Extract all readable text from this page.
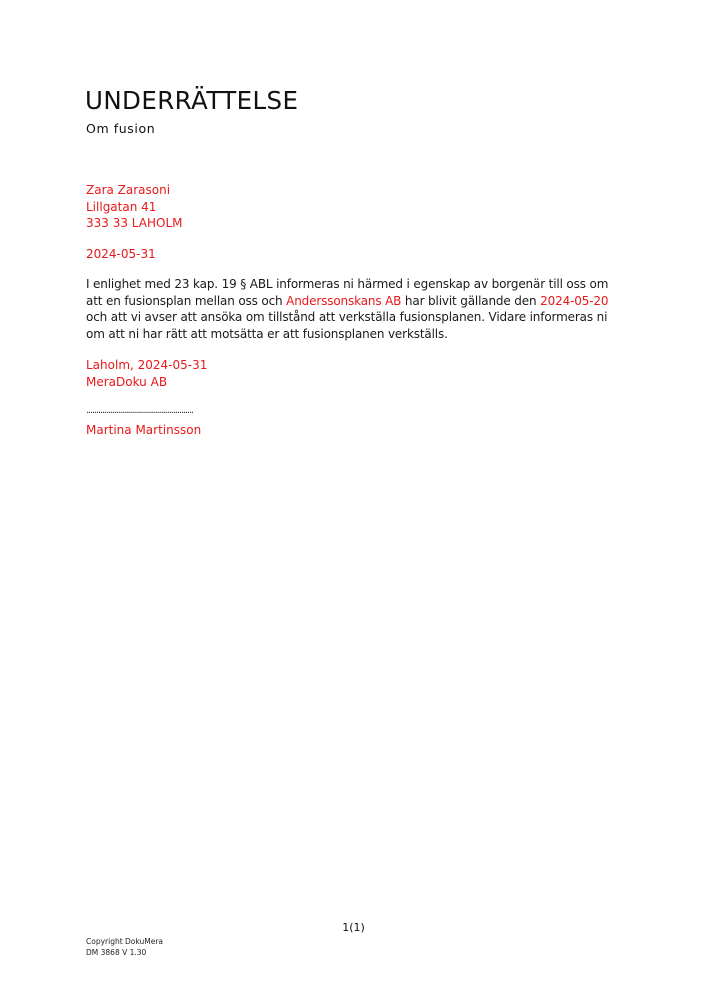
UNDERRÄTTELSE
Om fusion
Zara Zarasoni
Lillgatan 41
333 33 LAHOLM
2024-05-31
I enlighet med 23 kap. 19 § ABL informeras ni härmed i egenskap av borgenär till oss om att en fusionsplan mellan oss och Anderssonskans AB har blivit gällande den 2024-05-20 och att vi avser att ansöka om tillstånd att verkställa fusionsplanen. Vidare informeras ni om att ni har rätt att motsätta er att fusionsplanen verkställs.
Laholm, 2024-05-31
MeraDoku AB
......................................................
Martina Martinsson
1(1)
Copyright DokuMera
DM 3868 V 1.30
